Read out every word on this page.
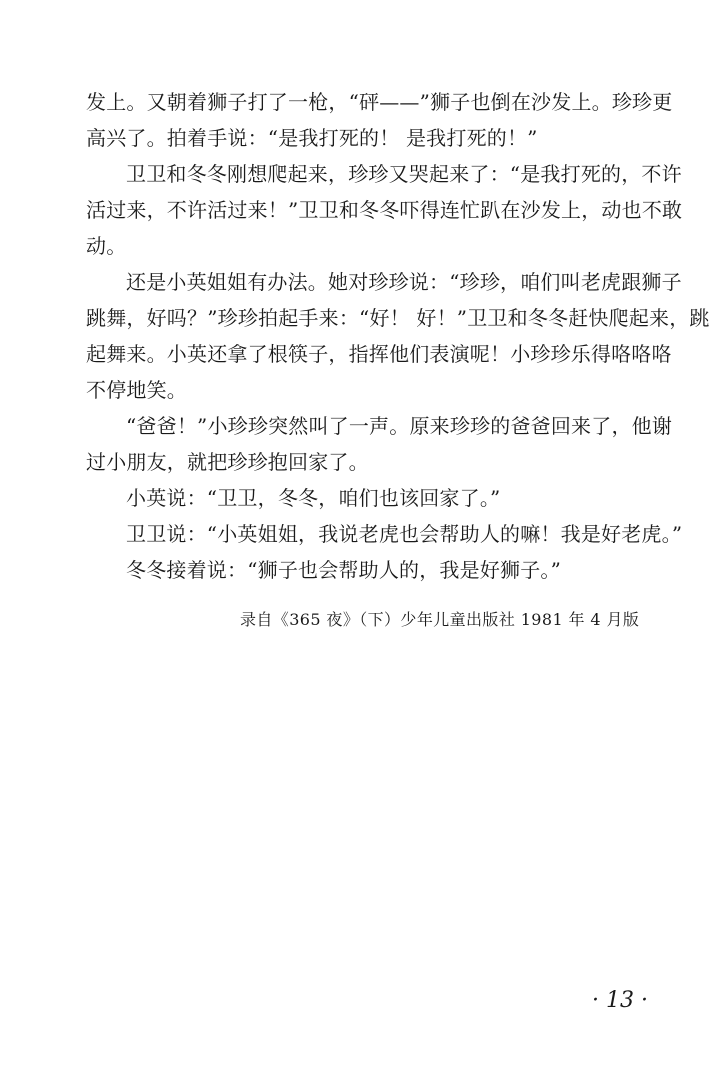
发上。又朝着狮子打了一枪，“砰——”狮子也倒在沙发上。珍珍更
高兴了。拍着手说：“是我打死的！ 是我打死的！”
卫卫和冬冬刚想爬起来，珍珍又哭起来了：“是我打死的，不许
活过来，不许活过来！”卫卫和冬冬吓得连忙趴在沙发上，动也不敢
动。
还是小英姐姐有办法。她对珍珍说：“珍珍，咱们叫老虎跟狮子
跳舞，好吗？”珍珍拍起手来：“好！ 好！”卫卫和冬冬赶快爬起来，跳
起舞来。小英还拿了根筷子，指挥他们表演呢！小珍珍乐得咯咯咯
不停地笑。
“爸爸！”小珍珍突然叫了一声。原来珍珍的爸爸回来了，他谢
过小朋友，就把珍珍抱回家了。
小英说：“卫卫，冬冬，咱们也该回家了。”
卫卫说：“小英姐姐，我说老虎也会帮助人的嘛！我是好老虎。”
冬冬接着说：“狮子也会帮助人的，我是好狮子。”
录自《365 夜》（下）少年儿童出版社 1981 年 4 月版
· 13 ·
